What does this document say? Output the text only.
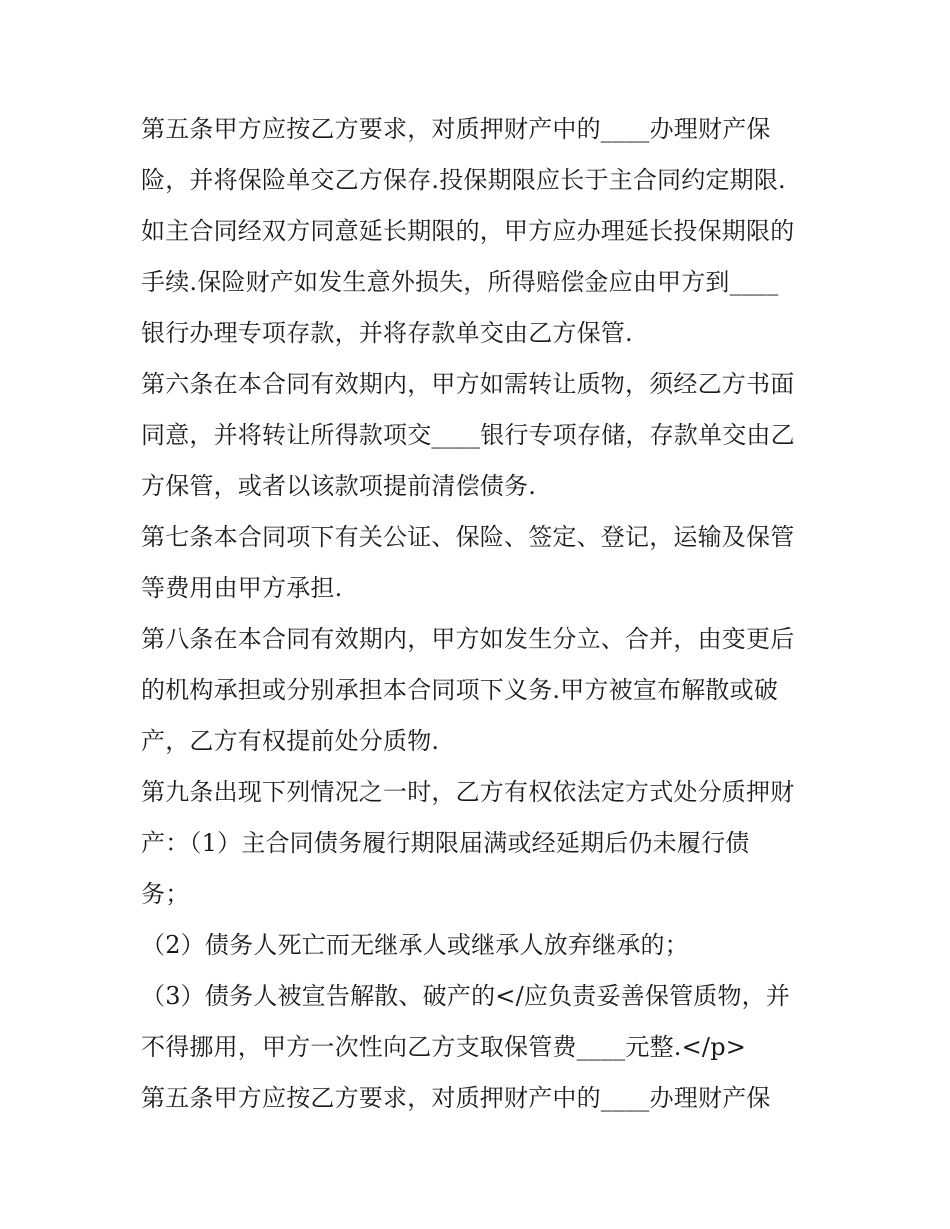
第五条甲方应按乙方要求，对质押财产中的____办理财产保
险，并将保险单交乙方保存.投保期限应长于主合同约定期限.
如主合同经双方同意延长期限的，甲方应办理延长投保期限的
手续.保险财产如发生意外损失，所得赔偿金应由甲方到____
银行办理专项存款，并将存款单交由乙方保管.
第六条在本合同有效期内，甲方如需转让质物，须经乙方书面
同意，并将转让所得款项交____银行专项存储，存款单交由乙
方保管，或者以该款项提前清偿债务.
第七条本合同项下有关公证、保险、签定、登记，运输及保管
等费用由甲方承担.
第八条在本合同有效期内，甲方如发生分立、合并，由变更后
的机构承担或分别承担本合同项下义务.甲方被宣布解散或破
产，乙方有权提前处分质物.
第九条出现下列情况之一时，乙方有权依法定方式处分质押财
产：（1）主合同债务履行期限届满或经延期后仍未履行债
务；
（2）债务人死亡而无继承人或继承人放弃继承的；
（3）债务人被宣告解散、破产的</应负责妥善保管质物，并
不得挪用，甲方一次性向乙方支取保管费____元整.</p>
第五条甲方应按乙方要求，对质押财产中的____办理财产保
